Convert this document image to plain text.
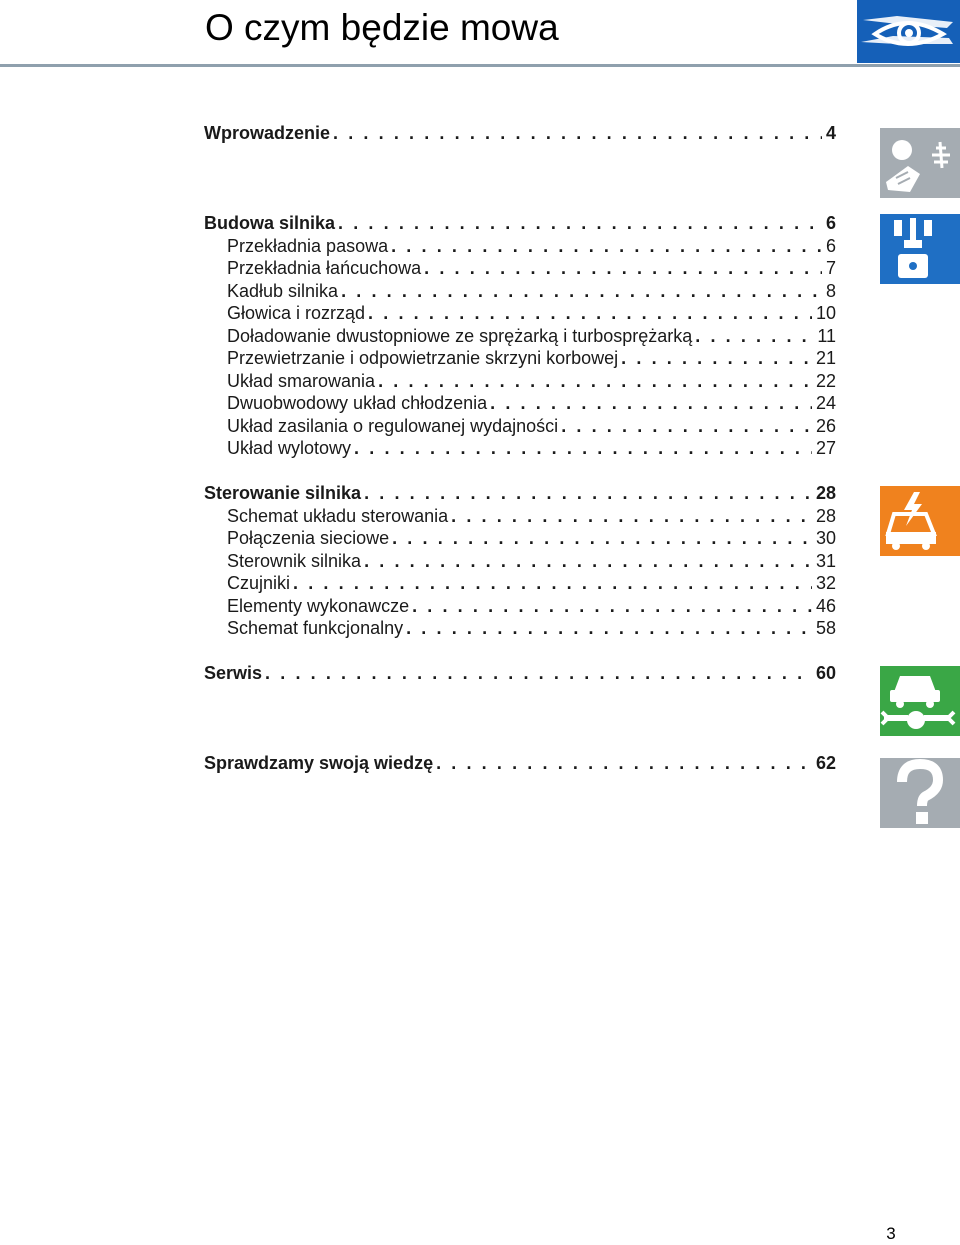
O czym będzie mowa
Wprowadzenie . . .	4
Budowa silnika . . .	6
Przekładnia pasowa . . .	6
Przekładnia łańcuchowa . . .	7
Kadłub silnika . . .	8
Głowica i rozrząd . . .	10
Doładowanie dwustopniowe ze sprężarką i turbosprężarką . . .	11
Przewietrzanie i odpowietrzanie skrzyni korbowej . . .	21
Układ smarowania . . .	22
Dwuobwodowy układ chłodzenia . . .	24
Układ zasilania o regulowanej wydajności . . .	26
Układ wylotowy . . .	27
Sterowanie silnika . . .	28
Schemat układu sterowania . . .	28
Połączenia sieciowe . . .	30
Sterownik silnika . . .	31
Czujniki . . .	32
Elementy wykonawcze . . .	46
Schemat funkcjonalny . . .	58
Serwis . . .	60
Sprawdzamy swoją wiedzę . . .	62
3
